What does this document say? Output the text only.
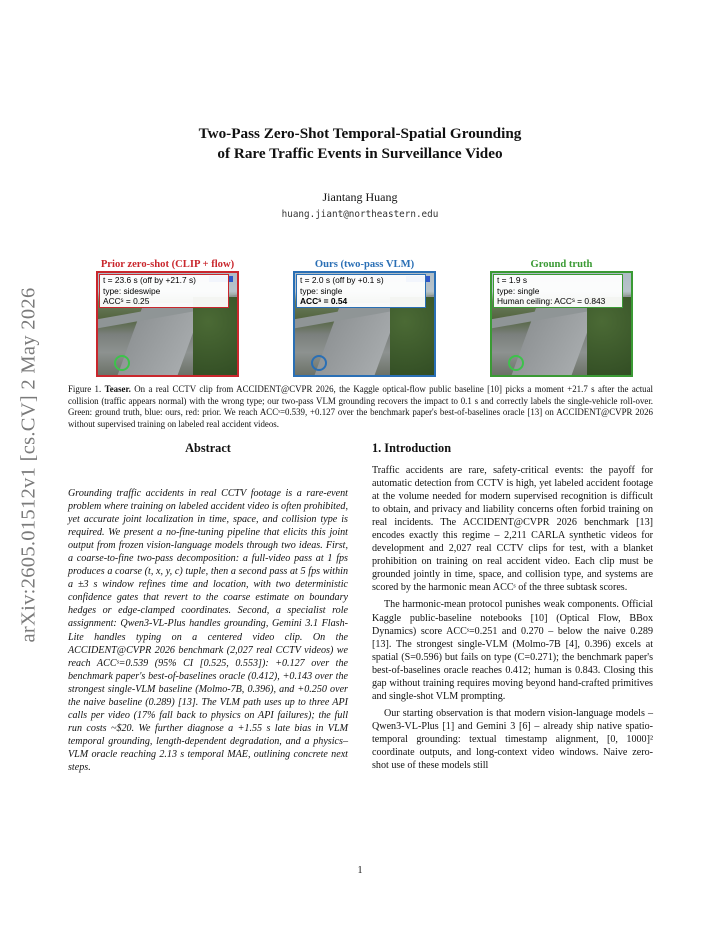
arXiv:2605.01512v1 [cs.CV] 2 May 2026
Two-Pass Zero-Shot Temporal-Spatial Grounding
of Rare Traffic Events in Surveillance Video
Jiantang Huang
huang.jiant@northeastern.edu
Prior zero-shot (CLIP + flow)
t = 23.6 s (off by +21.7 s)
type: sideswipe
ACCˢ = 0.25
Ours (two-pass VLM)
t = 2.0 s (off by +0.1 s)
type: single
ACCˢ = 0.54
Ground truth
t = 1.9 s
type: single
Human ceiling: ACCˢ = 0.843
Figure 1. Teaser. On a real CCTV clip from ACCIDENT@CVPR 2026, the Kaggle optical-flow public baseline [10] picks a moment +21.7 s after the actual collision (traffic appears normal) with the wrong type; our two-pass VLM grounding recovers the impact to 0.1 s and correctly labels the single-vehicle roll-over. Green: ground truth, blue: ours, red: prior. We reach ACCˢ=0.539, +0.127 over the benchmark paper's best-of-baselines oracle [13] on ACCIDENT@CVPR 2026 without supervised training on labeled real accident videos.
Abstract

Grounding traffic accidents in real CCTV footage is a rare-event problem where training on labeled accident video is often prohibited, yet accurate joint localization in time, space, and collision type is required. We present a no-fine-tuning pipeline that elicits this joint output from frozen vision-language models through two ideas. First, a coarse-to-fine two-pass decomposition: a full-video pass at 1 fps produces a coarse (t, x, y, c) tuple, then a second pass at 5 fps within a ±3 s window refines time and location, with two deterministic confidence gates that revert to the coarse estimate on boundary hedges or edge-clamped coordinates. Second, a specialist role assignment: Qwen3-VL-Plus handles grounding, Gemini 3.1 Flash-Lite handles typing on a centered video clip. On the ACCIDENT@CVPR 2026 benchmark (2,027 real CCTV videos) we reach ACCˢ=0.539 (95% CI [0.525, 0.553]): +0.127 over the benchmark paper's best-of-baselines oracle (0.412), +0.143 over the strongest single-VLM baseline (Molmo-7B, 0.396), and +0.250 over the naive baseline (0.289) [13]. The VLM path uses up to three API calls per video (17% fall back to physics on API failures); the full run costs ~$20. We further diagnose a +1.55 s late bias in VLM temporal grounding, length-dependent degradation, and a physics–VLM oracle reaching 2.13 s temporal MAE, outlining concrete next steps.

1. Introduction

Traffic accidents are rare, safety-critical events: the payoff for automatic detection from CCTV is high, yet labeled accident footage at the volume needed for modern supervised recognition is difficult to obtain, and privacy and liability concerns often forbid training on real incidents. The ACCIDENT@CVPR 2026 benchmark [13] encodes exactly this regime – 2,211 CARLA synthetic videos for development and 2,027 real CCTV clips for test, with a blanket prohibition on training on real accident video. Each clip must be grounded jointly in time, space, and collision type, and systems are scored by the harmonic mean ACCˢ of the three subtask scores.

The harmonic-mean protocol punishes weak components. Official Kaggle public-baseline notebooks [10] (Optical Flow, BBox Dynamics) score ACCˢ=0.251 and 0.270 – below the naive 0.289 [13]. The strongest single-VLM (Molmo-7B [4], 0.396) excels at spatial (S=0.596) but fails on type (C=0.271); the benchmark paper's best-of-baselines oracle reaches 0.412; human is 0.843. Closing this gap without training requires moving beyond hand-crafted primitives and single-shot VLM prompting.

Our starting observation is that modern vision-language models – Qwen3-VL-Plus [1] and Gemini 3 [6] – already ship native spatio-temporal grounding: textual timestamp alignment, [0, 1000]² coordinate outputs, and long-context video windows. Naive zero-shot use of these models still

1
